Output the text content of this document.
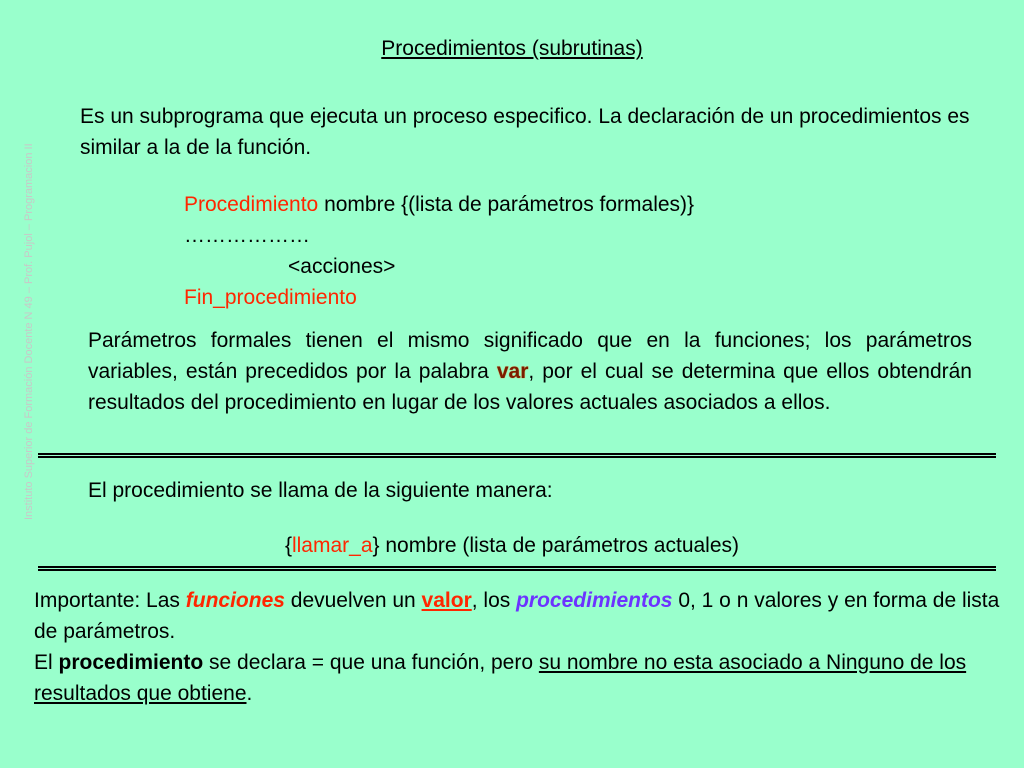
Instituto Superior de Formación Docente N 49 – Prof. Pujol – Programacion II
Procedimientos (subrutinas)
Es un subprograma que ejecuta un proceso especifico. La declaración de un procedimientos es similar a la de la función.
Procedimiento nombre {(lista de parámetros formales)}
………………
<acciones>
Fin_procedimiento
Parámetros formales tienen el mismo significado que en la funciones; los parámetros variables, están precedidos por la palabra var, por el cual se determina que ellos obtendrán resultados del procedimiento en lugar de los valores actuales asociados a ellos.
El procedimiento se llama de la siguiente manera:
{llamar_a} nombre (lista de parámetros actuales)
Importante: Las funciones devuelven un valor, los procedimientos 0, 1 o n valores y en forma de lista de parámetros.
El procedimiento se declara = que una función, pero su nombre no esta asociado a Ninguno de los resultados que obtiene.
